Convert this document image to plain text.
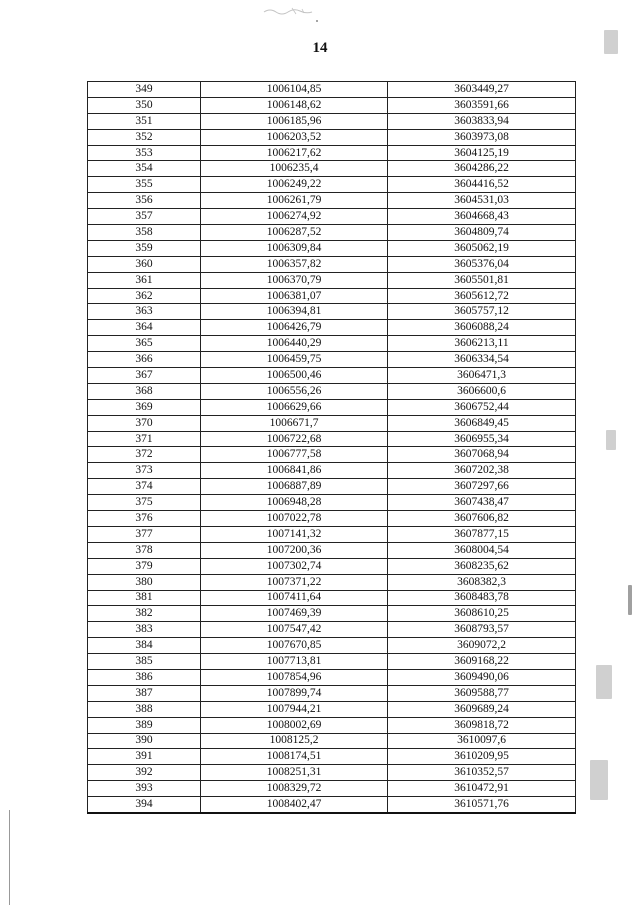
14
349	1006104,85	3603449,27
350	1006148,62	3603591,66
351	1006185,96	3603833,94
352	1006203,52	3603973,08
353	1006217,62	3604125,19
354	1006235,4	3604286,22
355	1006249,22	3604416,52
356	1006261,79	3604531,03
357	1006274,92	3604668,43
358	1006287,52	3604809,74
359	1006309,84	3605062,19
360	1006357,82	3605376,04
361	1006370,79	3605501,81
362	1006381,07	3605612,72
363	1006394,81	3605757,12
364	1006426,79	3606088,24
365	1006440,29	3606213,11
366	1006459,75	3606334,54
367	1006500,46	3606471,3
368	1006556,26	3606600,6
369	1006629,66	3606752,44
370	1006671,7	3606849,45
371	1006722,68	3606955,34
372	1006777,58	3607068,94
373	1006841,86	3607202,38
374	1006887,89	3607297,66
375	1006948,28	3607438,47
376	1007022,78	3607606,82
377	1007141,32	3607877,15
378	1007200,36	3608004,54
379	1007302,74	3608235,62
380	1007371,22	3608382,3
381	1007411,64	3608483,78
382	1007469,39	3608610,25
383	1007547,42	3608793,57
384	1007670,85	3609072,2
385	1007713,81	3609168,22
386	1007854,96	3609490,06
387	1007899,74	3609588,77
388	1007944,21	3609689,24
389	1008002,69	3609818,72
390	1008125,2	3610097,6
391	1008174,51	3610209,95
392	1008251,31	3610352,57
393	1008329,72	3610472,91
394	1008402,47	3610571,76
